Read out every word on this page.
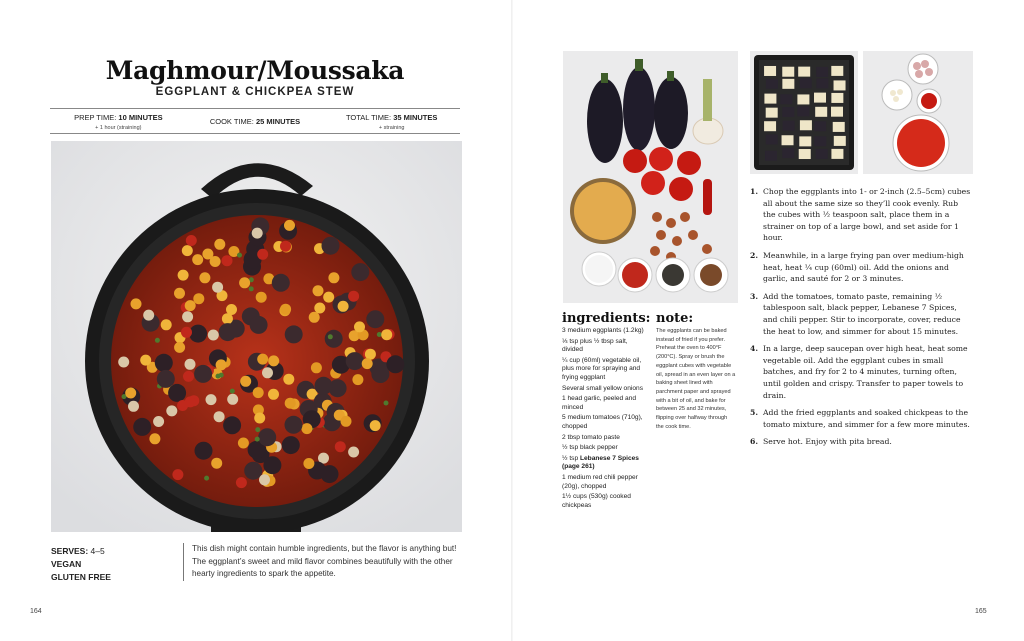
Maghmour/Moussaka
EGGPLANT & CHICKPEA STEW
PREP TIME: 10 MINUTES
+ 1 hour (straining)
COOK TIME: 25 MINUTES	TOTAL TIME: 35 MINUTES
+ straining
SERVES: 4–5
VEGAN
GLUTEN FREE
This dish might contain humble ingredients, but the flavor is anything but! The eggplant’s sweet and mild flavor combines beautifully with the other hearty ingredients to spark the appetite.
164
ingredients:
3 medium eggplants (1.2kg)
⅓ tsp plus ½ tbsp salt, divided
¼ cup (60ml) vegetable oil, plus more for spraying and frying eggplant
Several small yellow onions
1 head garlic, peeled and minced
5 medium tomatoes (710g), chopped
2 tbsp tomato paste
½ tsp black pepper
½ tsp Lebanese 7 Spices (page 261)
1 medium red chili pepper (20g), chopped
1½ cups (530g) cooked chickpeas
note:
The eggplants can be baked instead of fried if you prefer. Preheat the oven to 400°F (200°C). Spray or brush the eggplant cubes with vegetable oil, spread in an even layer on a baking sheet lined with parchment paper and sprayed with a bit of oil, and bake for between 25 and 32 minutes, flipping over halfway through the cook time.
1. Chop the eggplants into 1- or 2-inch (2.5–5cm) cubes all about the same size so they’ll cook evenly. Rub the cubes with ½ teaspoon salt, place them in a strainer on top of a large bowl, and set aside for 1 hour.
2. Meanwhile, in a large frying pan over medium-high heat, heat ¼ cup (60ml) oil. Add the onions and garlic, and sauté for 2 or 3 minutes.
3. Add the tomatoes, tomato paste, remaining ½ tablespoon salt, black pepper, Lebanese 7 Spices, and chili pepper. Stir to incorporate, cover, reduce the heat to low, and simmer for about 15 minutes.
4. In a large, deep saucepan over high heat, heat some vegetable oil. Add the eggplant cubes in small batches, and fry for 2 to 4 minutes, turning often, until golden and crispy. Transfer to paper towels to drain.
5. Add the fried eggplants and soaked chickpeas to the tomato mixture, and simmer for a few more minutes.
6. Serve hot. Enjoy with pita bread.
165
